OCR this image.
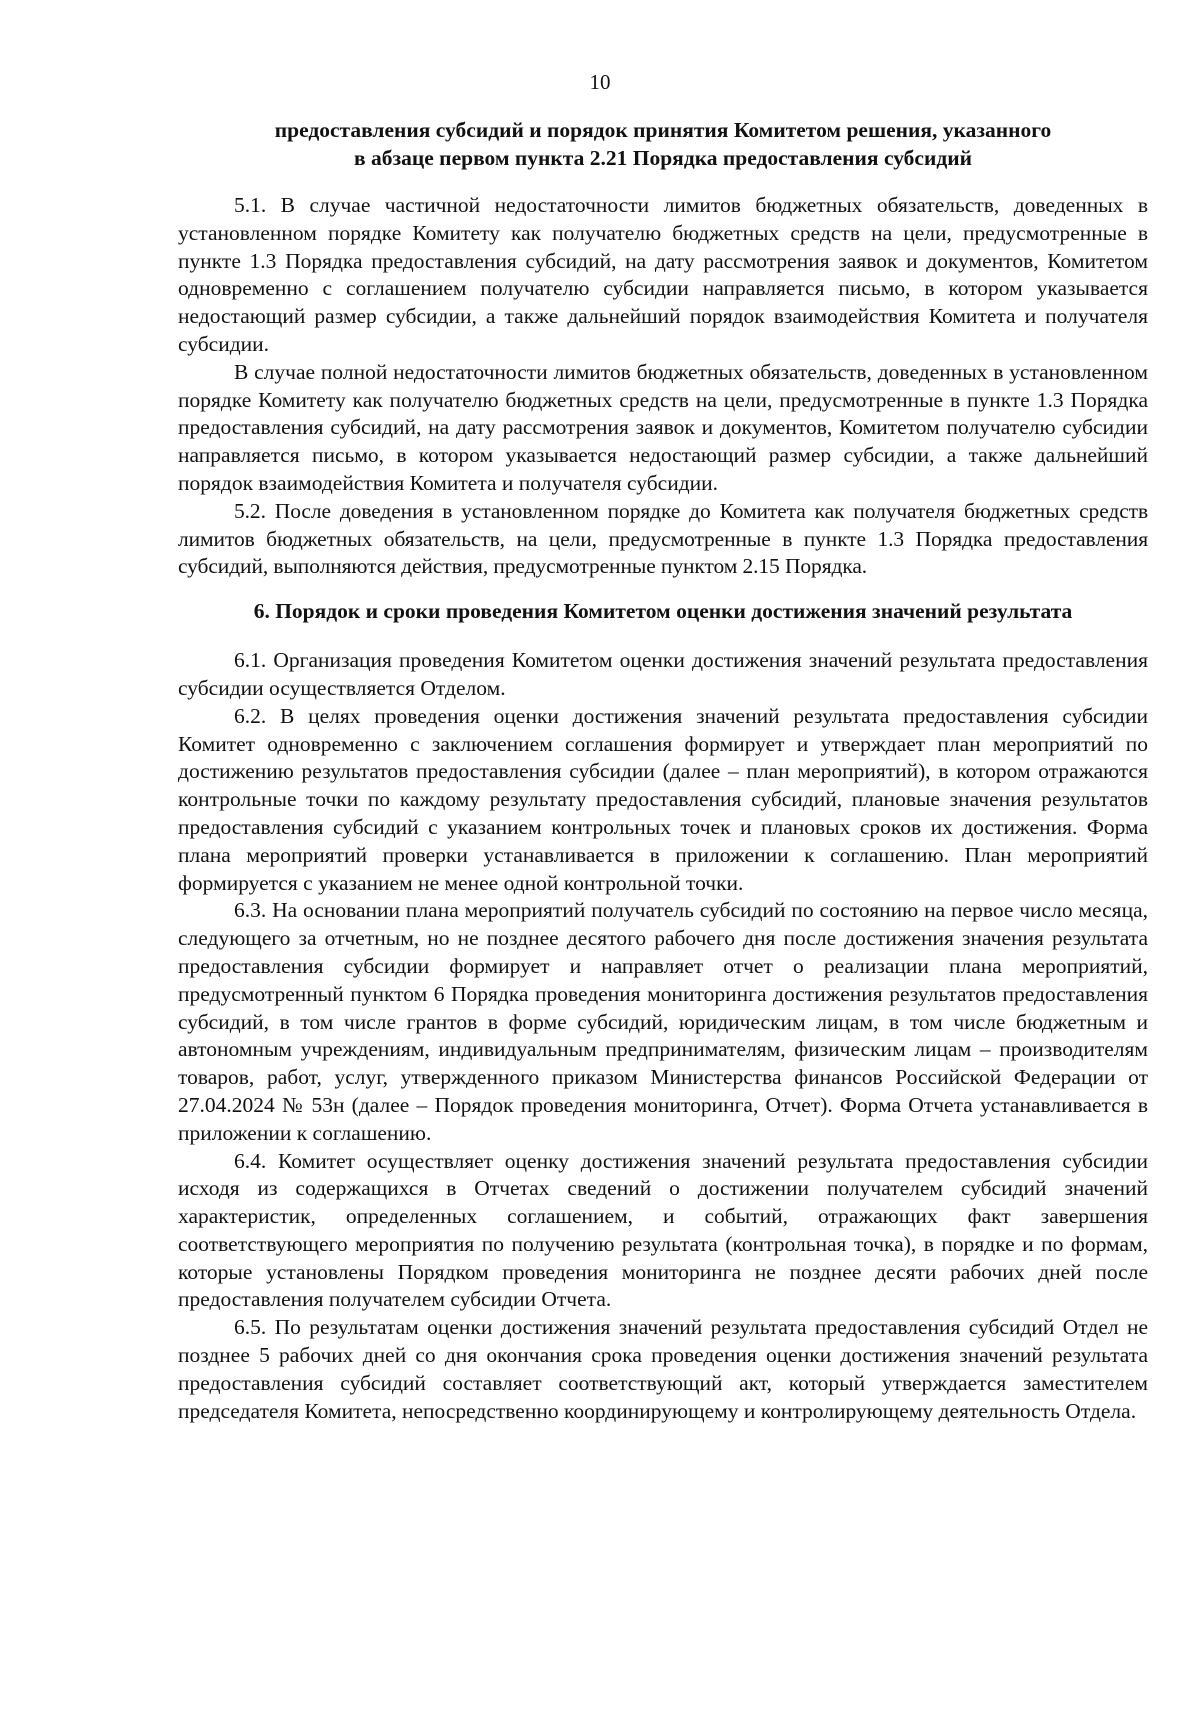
10
предоставления субсидий и порядок принятия Комитетом решения, указанного
в абзаце первом пункта 2.21 Порядка предоставления субсидий

5.1. В случае частичной недостаточности лимитов бюджетных обязательств, доведенных в установленном порядке Комитету как получателю бюджетных средств на цели, предусмотренные в пункте 1.3 Порядка предоставления субсидий, на дату рассмотрения заявок и документов, Комитетом одновременно с соглашением получателю субсидии направляется письмо, в котором указывается недостающий размер субсидии, а также дальнейший порядок взаимодействия Комитета и получателя субсидии.

В случае полной недостаточности лимитов бюджетных обязательств, доведенных в установленном порядке Комитету как получателю бюджетных средств на цели, предусмотренные в пункте 1.3 Порядка предоставления субсидий, на дату рассмотрения заявок и документов, Комитетом получателю субсидии направляется письмо, в котором указывается недостающий размер субсидии, а также дальнейший порядок взаимодействия Комитета и получателя субсидии.

5.2. После доведения в установленном порядке до Комитета как получателя бюджетных средств лимитов бюджетных обязательств, на цели, предусмотренные в пункте 1.3 Порядка предоставления субсидий, выполняются действия, предусмотренные пунктом 2.15 Порядка.

6. Порядок и сроки проведения Комитетом оценки достижения значений результата

6.1. Организация проведения Комитетом оценки достижения значений результата предоставления субсидии осуществляется Отделом.

6.2. В целях проведения оценки достижения значений результата предоставления субсидии Комитет одновременно с заключением соглашения формирует и утверждает план мероприятий по достижению результатов предоставления субсидии (далее – план мероприятий), в котором отражаются контрольные точки по каждому результату предоставления субсидий, плановые значения результатов предоставления субсидий с указанием контрольных точек и плановых сроков их достижения. Форма плана мероприятий проверки устанавливается в приложении к соглашению. План мероприятий формируется с указанием не менее одной контрольной точки.

6.3. На основании плана мероприятий получатель субсидий по состоянию на первое число месяца, следующего за отчетным, но не позднее десятого рабочего дня после достижения значения результата предоставления субсидии формирует и направляет отчет о реализации плана мероприятий, предусмотренный пунктом 6 Порядка проведения мониторинга достижения результатов предоставления субсидий, в том числе грантов в форме субсидий, юридическим лицам, в том числе бюджетным и автономным учреждениям, индивидуальным предпринимателям, физическим лицам – производителям товаров, работ, услуг, утвержденного приказом Министерства финансов Российской Федерации от 27.04.2024 № 53н (далее – Порядок проведения мониторинга, Отчет). Форма Отчета устанавливается в приложении к соглашению.

6.4. Комитет осуществляет оценку достижения значений результата предоставления субсидии исходя из содержащихся в Отчетах сведений о достижении получателем субсидий значений характеристик, определенных соглашением, и событий, отражающих факт завершения соответствующего мероприятия по получению результата (контрольная точка), в порядке и по формам, которые установлены Порядком проведения мониторинга не позднее десяти рабочих дней после предоставления получателем субсидии Отчета.

6.5. По результатам оценки достижения значений результата предоставления субсидий Отдел не позднее 5 рабочих дней со дня окончания срока проведения оценки достижения значений результата предоставления субсидий составляет соответствующий акт, который утверждается заместителем председателя Комитета, непосредственно координирующему и контролирующему деятельность Отдела.
